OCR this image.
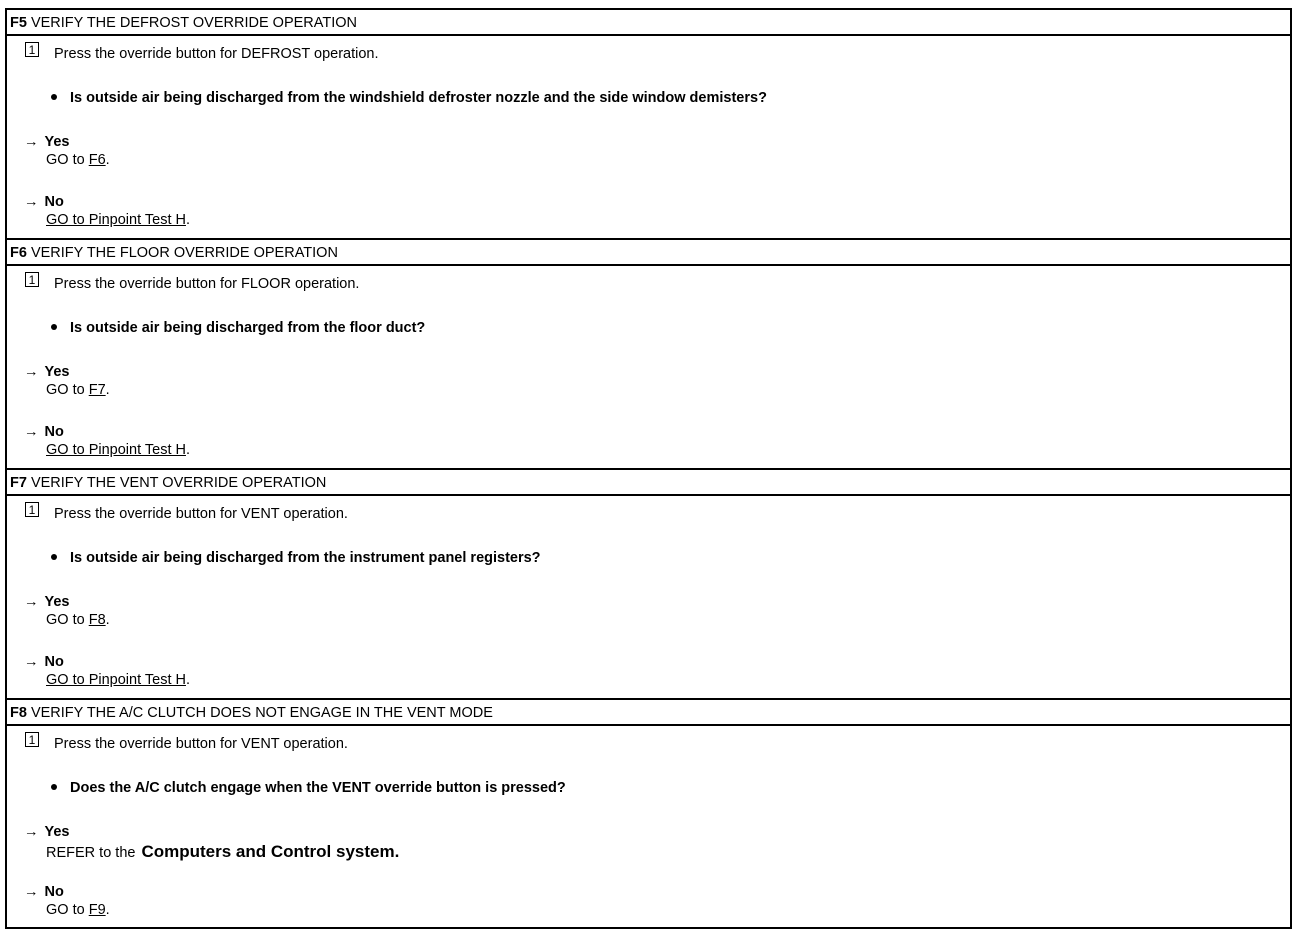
F5 VERIFY THE DEFROST OVERRIDE OPERATION
1 Press the override button for DEFROST operation.
Is outside air being discharged from the windshield defroster nozzle and the side window demisters?
→ Yes
GO to F6.
→ No
GO to Pinpoint Test H.
F6 VERIFY THE FLOOR OVERRIDE OPERATION
1 Press the override button for FLOOR operation.
Is outside air being discharged from the floor duct?
→ Yes
GO to F7.
→ No
GO to Pinpoint Test H.
F7 VERIFY THE VENT OVERRIDE OPERATION
1 Press the override button for VENT operation.
Is outside air being discharged from the instrument panel registers?
→ Yes
GO to F8.
→ No
GO to Pinpoint Test H.
F8 VERIFY THE A/C CLUTCH DOES NOT ENGAGE IN THE VENT MODE
1 Press the override button for VENT operation.
Does the A/C clutch engage when the VENT override button is pressed?
→ Yes
REFER to the Computers and Control system.
→ No
GO to F9.
